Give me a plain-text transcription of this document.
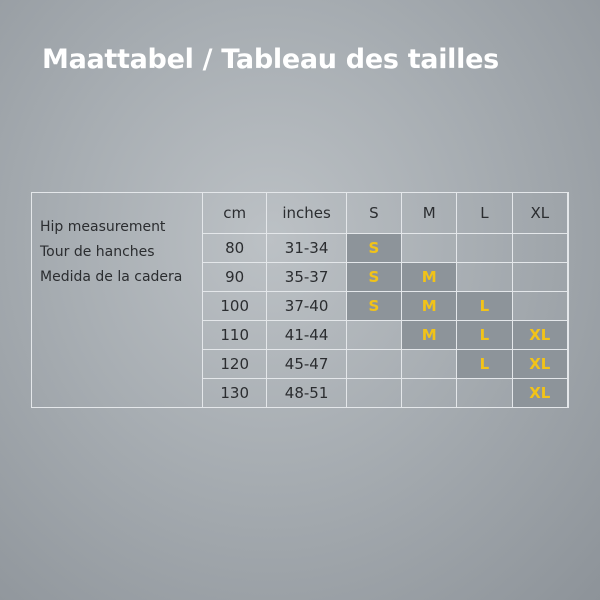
Maattabel / Tableau des tailles
Hip measurement
Tour de hanches
Medida de la cadera
cm	inches	S	M	L	XL
80	31-34	S			
90	35-37	S	M		
100	37-40	S	M	L	
110	41-44		M	L	XL
120	45-47			L	XL
130	48-51				XL
